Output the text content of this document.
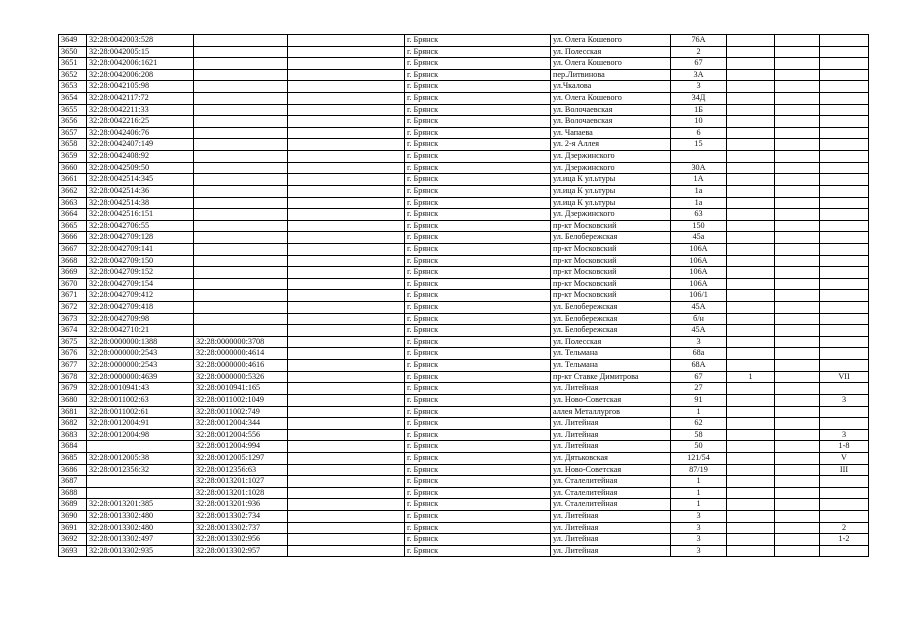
3649	32:28:0042003:528			г. Брянск	ул. Олега Кошевого	76А			
3650	32:28:0042005:15			г. Брянск	ул. Полесская	2			
3651	32:28:0042006:1621			г. Брянск	ул. Олега Кошевого	67			
3652	32:28:0042006:208			г. Брянск	пер.Литвинова	3А			
3653	32:28:0042105:98			г. Брянск	ул.Чкалова	3			
3654	32:28:0042117:72			г. Брянск	ул. Олега Кошевого	34Д			
3655	32:28:0042211:33			г. Брянск	ул. Волочаевская	1Б			
3656	32:28:0042216:25			г. Брянск	ул. Волочаевская	10			
3657	32:28:0042406:76			г. Брянск	ул. Чапаева	6			
3658	32:28:0042407:149			г. Брянск	ул. 2-я Аллея	15			
3659	32:28:0042408:92			г. Брянск	ул. Дзержинского				
3660	32:28:0042509:50			г. Брянск	ул. Дзержинского	30А			
3661	32:28:0042514:345			г. Брянск	ул.ица К ул.ьтуры	1А			
3662	32:28:0042514:36			г. Брянск	ул.ица К ул.ьтуры	1а			
3663	32:28:0042514:38			г. Брянск	ул.ица К ул.ьтуры	1а			
3664	32:28:0042516:151			г. Брянск	ул. Дзержинского	63			
3665	32:28:0042706:55			г. Брянск	пр-кт Московский	150			
3666	32:28:0042709:128			г. Брянск	ул. Белобережская	45а			
3667	32:28:0042709:141			г. Брянск	пр-кт Московский	106А			
3668	32:28:0042709:150			г. Брянск	пр-кт Московский	106А			
3669	32:28:0042709:152			г. Брянск	пр-кт Московский	106А			
3670	32:28:0042709:154			г. Брянск	пр-кт Московский	106А			
3671	32:28:0042709:412			г. Брянск	пр-кт Московский	106/1			
3672	32:28:0042709:418			г. Брянск	ул. Белобережская	45А			
3673	32:28:0042709:98			г. Брянск	ул. Белобережская	б/н			
3674	32:28:0042710:21			г. Брянск	ул. Белобережская	45А			
3675	32:28:0000000:1388	32:28:0000000:3708		г. Брянск	ул. Полесская	3			
3676	32:28:0000000:2543	32:28:0000000:4614		г. Брянск	ул. Тельмана	68а			
3677	32:28:0000000:2543	32:28:0000000:4616		г. Брянск	ул. Тельмана	68А			
3678	32:28:0000000:4639	32:28:0000000:5326		г. Брянск	пр-кт Ставке Димитрова	67	1		VII
3679	32:28:0010941:43	32:28:0010941:165		г. Брянск	ул. Литейная	27			
3680	32:28:0011002:63	32:28:0011002:1049		г. Брянск	ул. Ново-Советская	91			3
3681	32:28:0011002:61	32:28:0011002:749		г. Брянск	аллея Металлургов	1			
3682	32:28:0012004:91	32:28:0012004:344		г. Брянск	ул. Литейная	62			
3683	32:28:0012004:98	32:28:0012004:556		г. Брянск	ул. Литейная	58			3
3684		32:28:0012004:994		г. Брянск	ул. Литейная	50			1-8
3685	32:28:0012005:38	32:28:0012005:1297		г. Брянск	ул. Дятьковская	121/54			V
3686	32:28:0012356:32	32:28:0012356:63		г. Брянск	ул. Ново-Советская	87/19			III
3687		32:28:0013201:1027		г. Брянск	ул. Сталелитейная	1			
3688		32:28:0013201:1028		г. Брянск	ул. Сталелитейная	1			
3689	32:28:0013201:385	32:28:0013201:936		г. Брянск	ул. Сталелитейная	1			
3690	32:28:0013302:480	32:28:0013302:734		г. Брянск	ул. Литейная	3			
3691	32:28:0013302:480	32:28:0013302:737		г. Брянск	ул. Литейная	3			2
3692	32:28:0013302:497	32:28:0013302:956		г. Брянск	ул. Литейная	3			1-2
3693	32:28:0013302:935	32:28:0013302:957		г. Брянск	ул. Литейная	3			
